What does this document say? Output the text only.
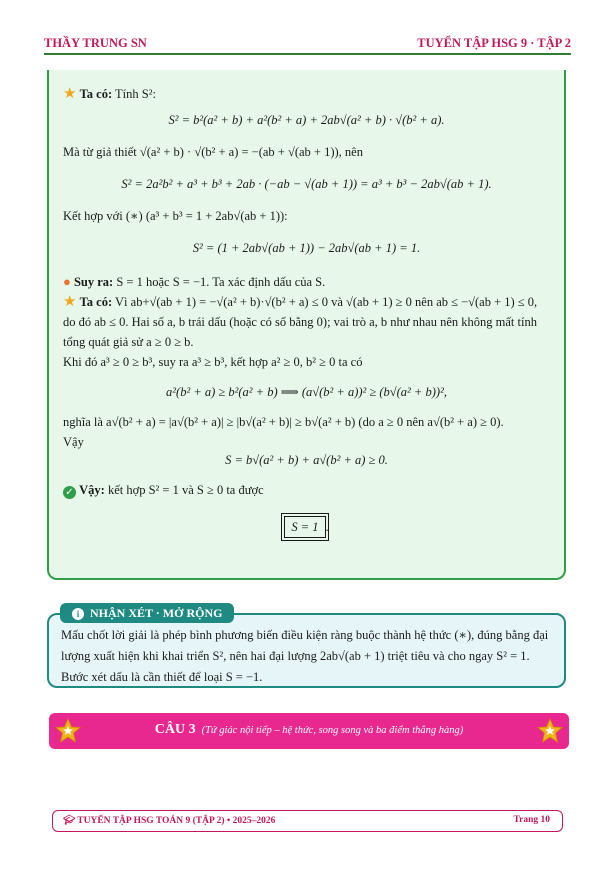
THẦY TRUNG SN	TUYỂN TẬP HSG 9 · TẬP 2

★ Ta có: Tính S²:

S² = b²(a² + b) + a²(b² + a) + 2ab√(a² + b) · √(b² + a).

Mà từ giả thiết √(a² + b) · √(b² + a) = −(ab + √(ab + 1)), nên

S² = 2a²b² + a³ + b³ + 2ab · (−ab − √(ab + 1)) = a³ + b³ − 2ab√(ab + 1).

Kết hợp với (∗) (a³ + b³ = 1 + 2ab√(ab + 1)):

S² = (1 + 2ab√(ab + 1)) − 2ab√(ab + 1) = 1.

● Suy ra: S = 1 hoặc S = −1. Ta xác định dấu của S.

★ Ta có: Vì ab+√(ab + 1) = −√(a² + b)·√(b² + a) ≤ 0 và √(ab + 1) ≥ 0 nên ab ≤ −√(ab + 1) ≤ 0, do đó ab ≤ 0. Hai số a, b trái dấu (hoặc có số bằng 0); vai trò a, b như nhau nên không mất tính tổng quát giả sử a ≥ 0 ≥ b.

Khi đó a³ ≥ 0 ≥ b³, suy ra a³ ≥ b³, kết hợp a² ≥ 0, b² ≥ 0 ta có

a²(b² + a) ≥ b²(a² + b) ⟹ (a√(b² + a))² ≥ (b√(a² + b))²,

nghĩa là a√(b² + a) = |a√(b² + a)| ≥ |b√(a² + b)| ≥ b√(a² + b) (do a ≥ 0 nên a√(b² + a) ≥ 0).

Vậy

S = b√(a² + b) + a√(b² + a) ≥ 0.

✓ Vậy: kết hợp S² = 1 và S ≥ 0 ta được

S = 1 .

i NHẬN XÉT · MỞ RỘNG
Mấu chốt lời giải là phép bình phương biến điều kiện ràng buộc thành hệ thức (∗), đúng bằng đại lượng xuất hiện khi khai triển S², nên hai đại lượng 2ab√(ab + 1) triệt tiêu và cho ngay S² = 1. Bước xét dấu là cần thiết để loại S = −1.
CÂU 3 (Tứ giác nội tiếp – hệ thức, song song và ba điểm thẳng hàng)
🎓︎ TUYỂN TẬP HSG TOÁN 9 (TẬP 2) • 2025–2026	Trang 10
